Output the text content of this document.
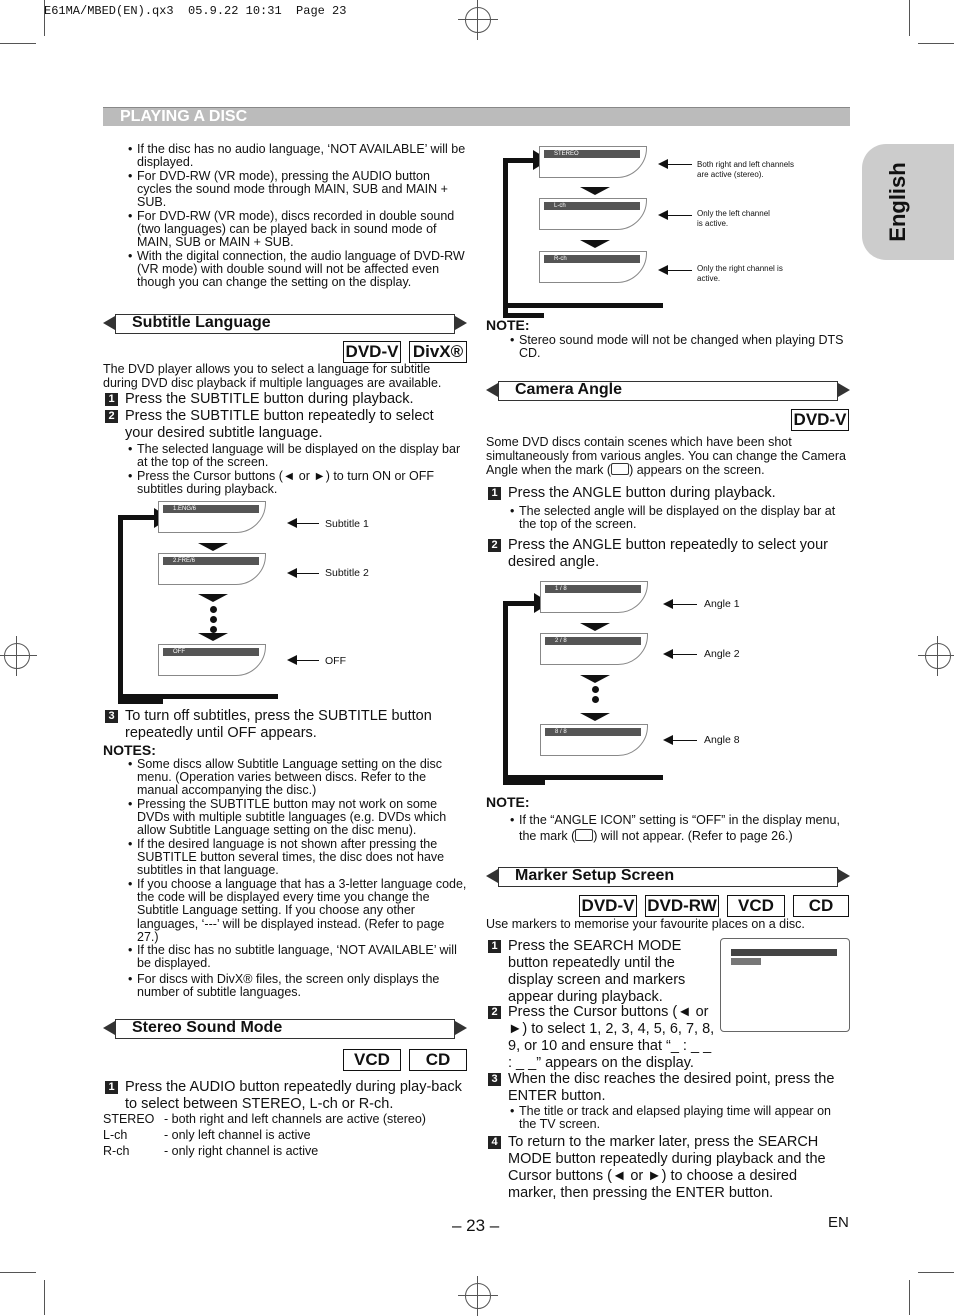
E61MA/MBED(EN).qx3  05.9.22 10:31  Page 23
PLAYING A DISC
English
• If the disc has no audio language, ‘NOT AVAILABLE’ will be displayed.
• For DVD-RW (VR mode), pressing the AUDIO button cycles the sound mode through MAIN, SUB and MAIN + SUB.
• For DVD-RW (VR mode), discs recorded in double sound (two languages) can be played back in sound mode of MAIN, SUB or MAIN + SUB.
• With the digital connection, the audio language of DVD-RW (VR mode) with double sound will not be affected even though you can change the setting on the display.
Subtitle Language
DVD-V DivX®
The DVD player allows you to select a language for subtitle during DVD disc playback if multiple languages are available.
1 Press the SUBTITLE button during playback.
2 Press the SUBTITLE button repeatedly to select your desired subtitle language.
• The selected language will be displayed on the display bar at the top of the screen.
• Press the Cursor buttons (◄ or ►) to turn ON or OFF subtitles during playback.
1.ENG/6
2.FRE/6
OFF
Subtitle 1
Subtitle 2
OFF
3 To turn off subtitles, press the SUBTITLE button repeatedly until OFF appears.
NOTES:
• Some discs allow Subtitle Language setting on the disc menu. (Operation varies between discs. Refer to the manual accompanying the disc.)
• Pressing the SUBTITLE button may not work on some DVDs with multiple subtitle languages (e.g. DVDs which allow Subtitle Language setting on the disc menu).
• If the desired language is not shown after pressing the SUBTITLE button several times, the disc does not have subtitles in that language.
• If you choose a language that has a 3-letter language code, the code will be displayed every time you change the Subtitle Language setting. If you choose any other languages, ‘---’ will be displayed instead. (Refer to page 27.)
• If the disc has no subtitle language, ‘NOT AVAILABLE’ will be displayed.
• For discs with DivX® files, the screen only displays the number of subtitle languages.
Stereo Sound Mode
VCD	CD
1 Press the AUDIO button repeatedly during play-back to select between STEREO, L-ch or R-ch.
STEREO - both right and left channels are active (stereo)
L-ch	- only left channel is active
R-ch	- only right channel is active
STEREO
L-ch
R-ch
Both right and left channels are active (stereo).
Only the left channel is active.
Only the right channel is active.
NOTE:
• Stereo sound mode will not be changed when playing DTS CD.
Camera Angle
DVD-V
Some DVD discs contain scenes which have been shot simultaneously from various angles. You can change the Camera Angle when the mark ( ) appears on the screen.
1 Press the ANGLE button during playback.
• The selected angle will be displayed on the display bar at the top of the screen.
2 Press the ANGLE button repeatedly to select your desired angle.
1 / 8
2 / 8
8 / 8
Angle 1
Angle 2
Angle 8
NOTE:
• If the “ANGLE ICON” setting is “OFF” in the display menu, the mark ( ) will not appear. (Refer to page 26.)
Marker Setup Screen
DVD-V DVD-RW	VCD	CD
Use markers to memorise your favourite places on a disc.
1 Press the SEARCH MODE button repeatedly until the display screen and markers appear during playback.
2 Press the Cursor buttons (◄ or ►) to select 1, 2, 3, 4, 5, 6, 7, 8, 9, or 10 and ensure that “_ : _ _ : _ _” appears on the display.
3 When the disc reaches the desired point, press the ENTER button.
• The title or track and elapsed playing time will appear on the TV screen.
4 To return to the marker later, press the SEARCH MODE button repeatedly during playback and the Cursor buttons (◄ or ►) to choose a desired marker, then pressing the ENTER button.
– 23 –	EN
